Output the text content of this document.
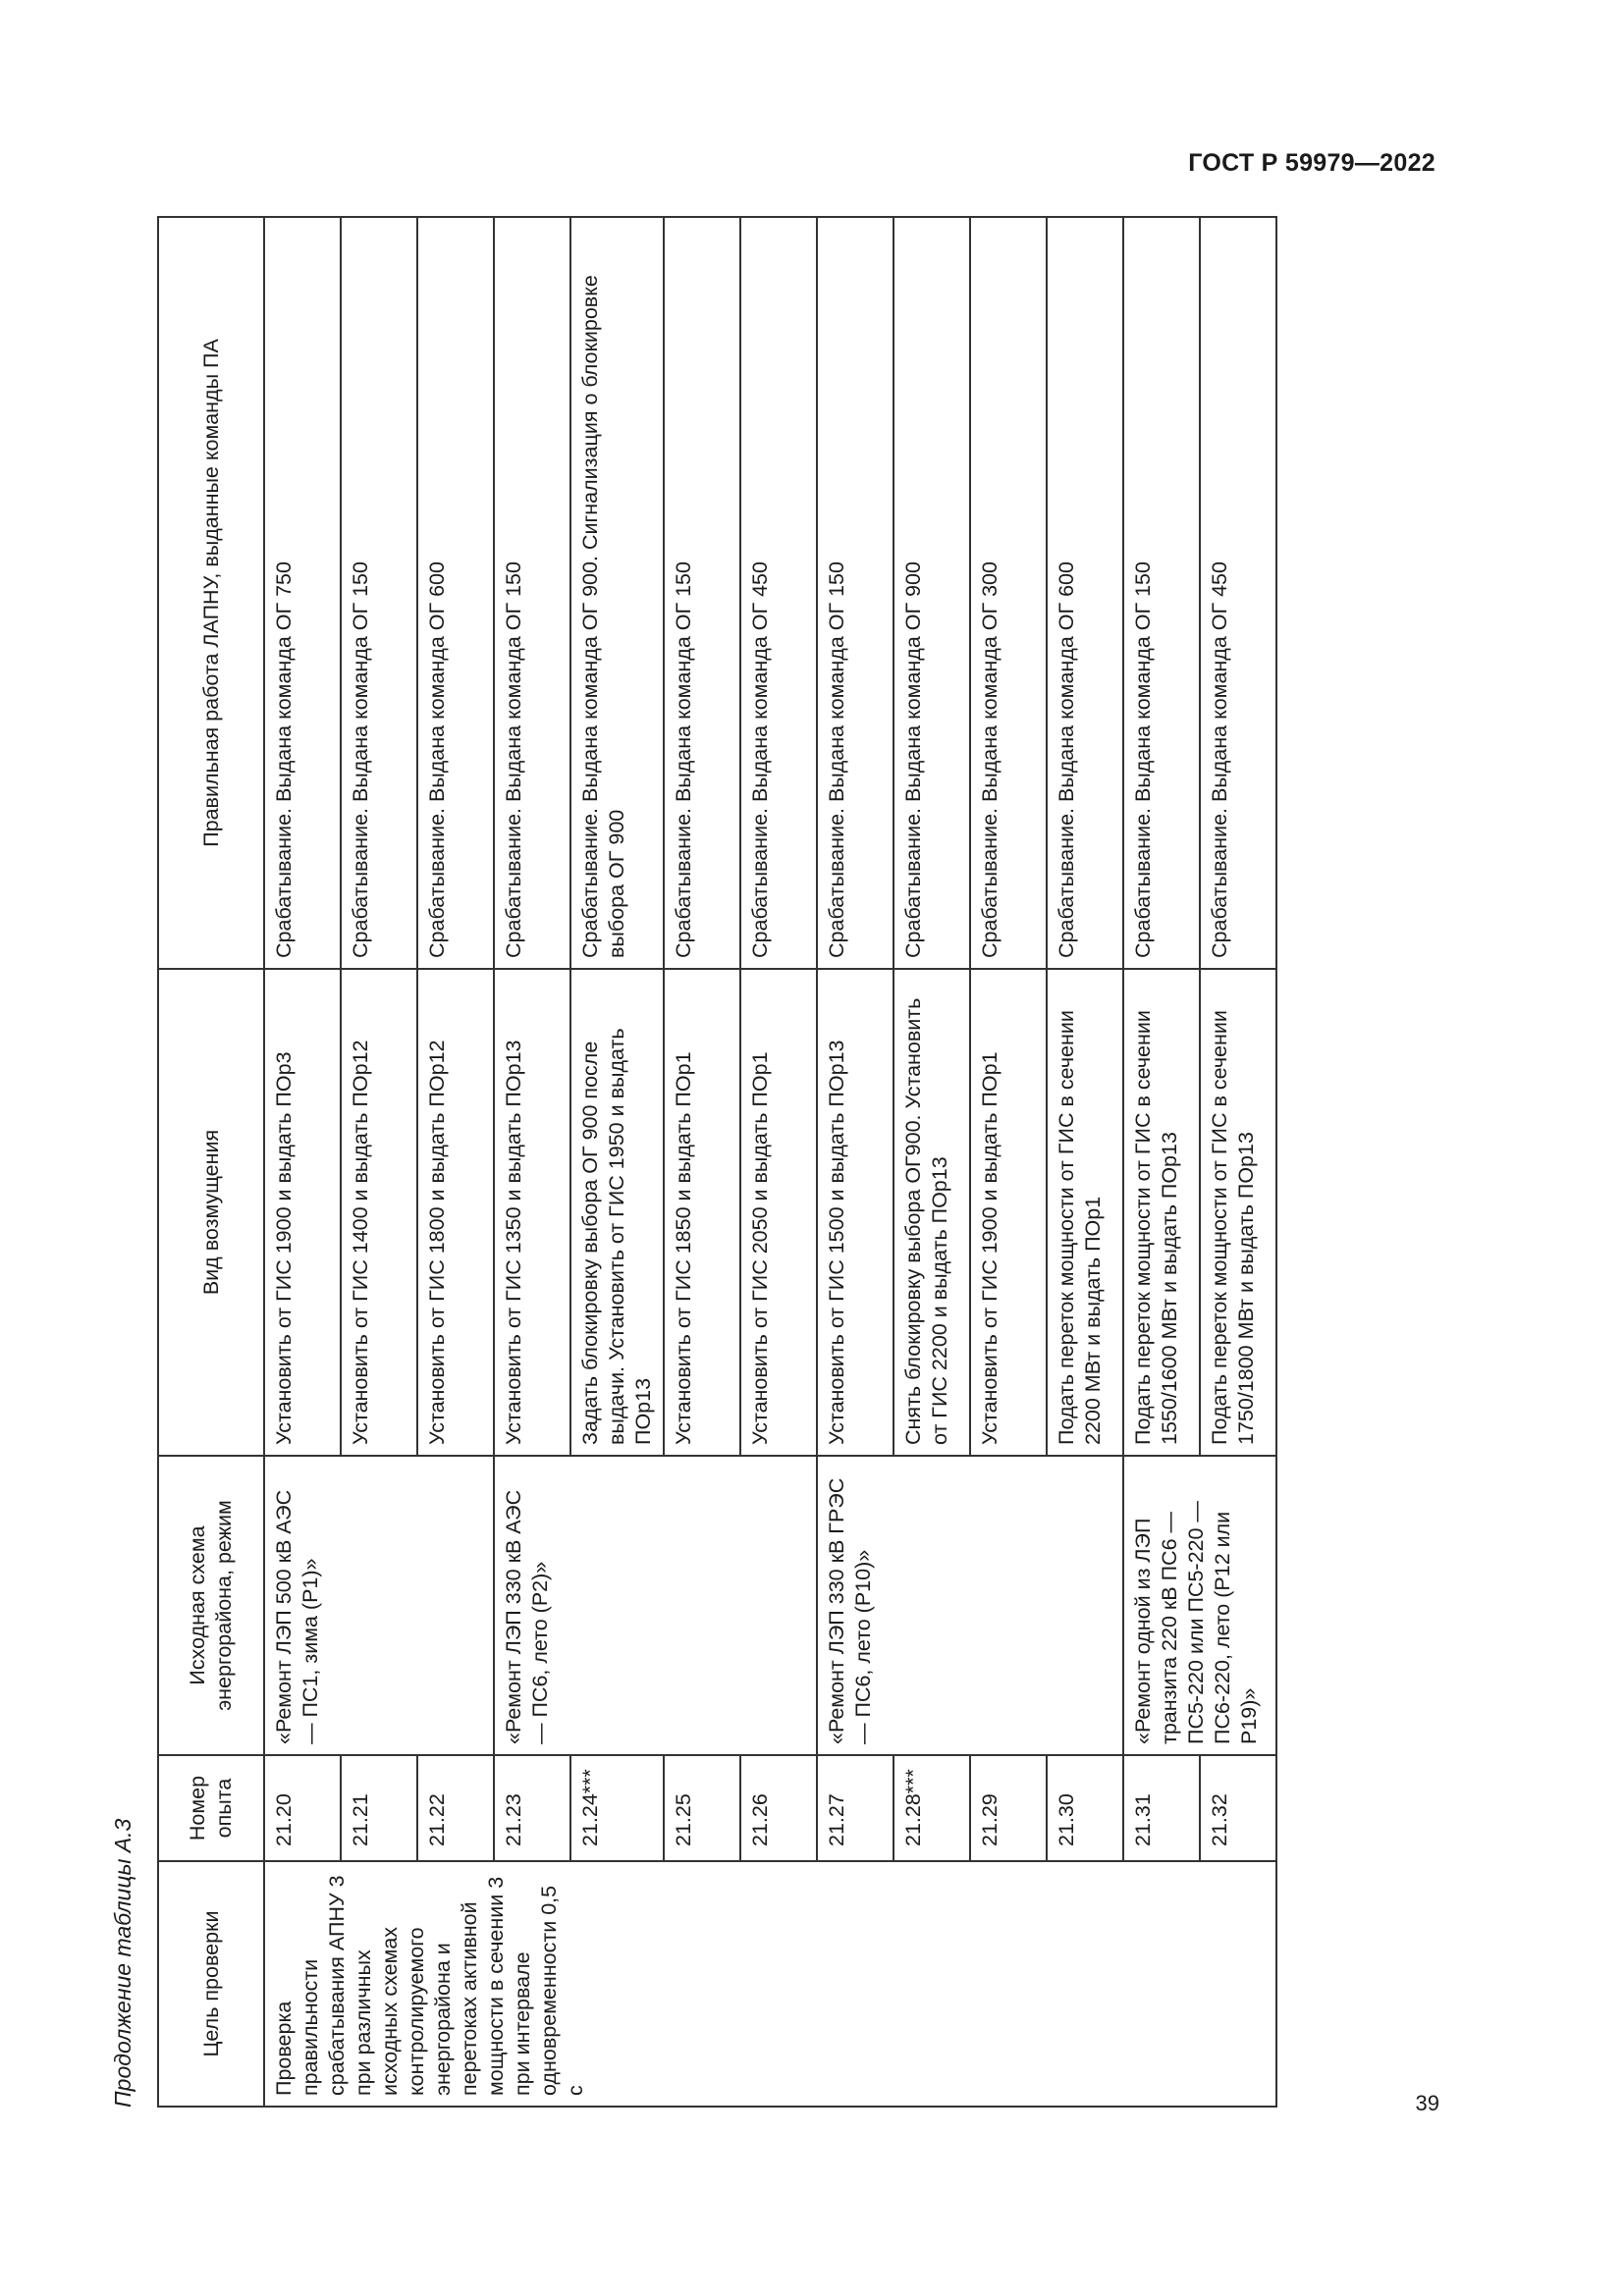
ГОСТ Р 59979—2022
Продолжение таблицы А.3	Цель проверки	Номер опыта	Исходная схема энергорайона, режим	Вид возмущения	Правильная работа ЛАПНУ, выданные команды ПА
Проверка правильности срабатывания АПНУ 3 при различных исходных схемах контролируемого энергорайона и перетоках активной мощности в сечении 3 при интервале одновременности 0,5 с	21.20	«Ремонт ЛЭП 500 кВ АЭС — ПС1, зима (Р1)»	Установить от ГИС 1900 и выдать ПОр3	Срабатывание. Выдана команда ОГ 750
	21.21		Установить от ГИС 1400 и выдать ПОр12	Срабатывание. Выдана команда ОГ 150
	21.22		Установить от ГИС 1800 и выдать ПОр12	Срабатывание. Выдана команда ОГ 600
	21.23	«Ремонт ЛЭП 330 кВ АЭС — ПС6, лето (Р2)»	Установить от ГИС 1350 и выдать ПОр13	Срабатывание. Выдана команда ОГ 150
	21.24***		Задать блокировку выбора ОГ 900 после выдачи. Установить от ГИС 1950 и выдать ПОр13	Срабатывание. Выдана команда ОГ 900. Сигнализация о блокировке выбора ОГ 900
	21.25		Установить от ГИС 1850 и выдать ПОр1	Срабатывание. Выдана команда ОГ 150
	21.26		Установить от ГИС 2050 и выдать ПОр1	Срабатывание. Выдана команда ОГ 450
	21.27	«Ремонт ЛЭП 330 кВ ГРЭС — ПС6, лето (Р10)»	Установить от ГИС 1500 и выдать ПОр13	Срабатывание. Выдана команда ОГ 150
	21.28***		Снять блокировку выбора ОГ900. Установить от ГИС 2200 и выдать ПОр13	Срабатывание. Выдана команда ОГ 900
	21.29		Установить от ГИС 1900 и выдать ПОр1	Срабатывание. Выдана команда ОГ 300
	21.30		Подать переток мощности от ГИС в сечении 2200 МВт и выдать ПОр1	Срабатывание. Выдана команда ОГ 600
	21.31	«Ремонт одной из ЛЭП транзита 220 кВ ПС6 — ПС5-220 или ПС5-220 — ПС6-220, лето (Р12 или Р19)»	Подать переток мощности от ГИС в сечении 1550/1600 МВт и выдать ПОр13	Срабатывание. Выдана команда ОГ 150
	21.32		Подать переток мощности от ГИС в сечении 1750/1800 МВт и выдать ПОр13	Срабатывание. Выдана команда ОГ 450
39
